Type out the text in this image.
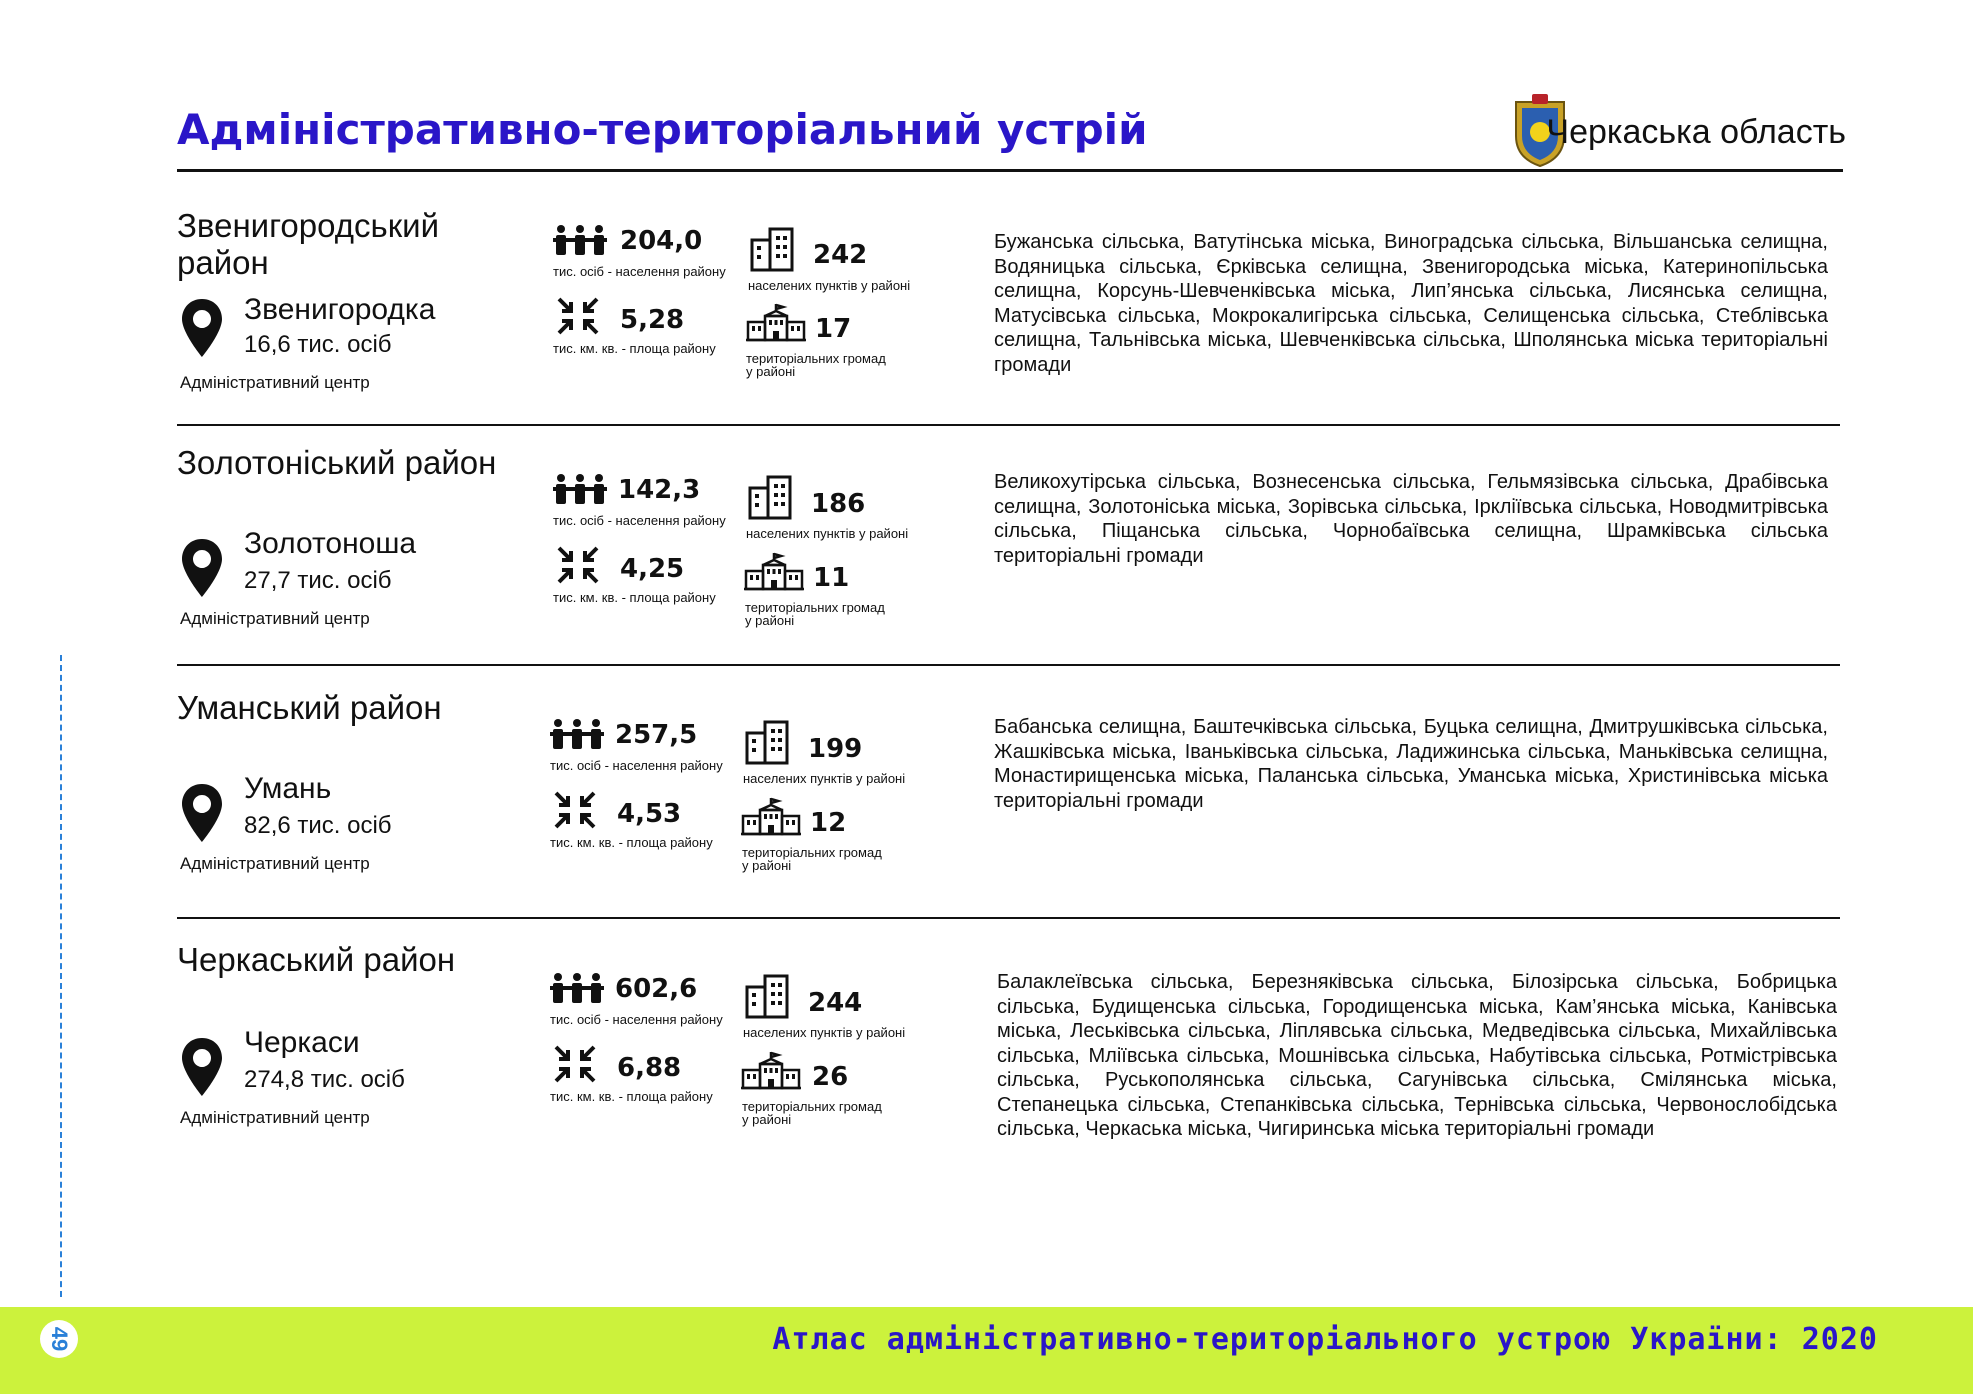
Адміністративно-територіальний устрій	Черкаська область
Звенигородський район
Звенигородка
16,6 тис. осіб
Адміністративний центр
204,0
тис. осіб - населення району
5,28
тис. км. кв. - площа району
242
населених пунктів у районі
17
територіальних громад
у районі

Бужанська сільська, Ватутінська міська, Виноградська сільська, Вільшанська селищна, Водяницька сільська, Єрківська селищна, Звенигородська міська, Катеринопільська селищна, Корсунь-Шевченківська міська, Лип’янська сільська, Лисянська селищна, Матусівська сільська, Мокрокалигірська сільська, Селищенська сільська, Стеблівська селищна, Тальнівська міська, Шевченківська сільська, Шполянська міська територіальні громади

Золотоніський район
Золотоноша
27,7 тис. осіб
Адміністративний центр
142,3
тис. осіб - населення району
4,25
тис. км. кв. - площа району
186
населених пунктів у районі
11
територіальних громад
у районі

Великохутірська сільська, Вознесенська сільська, Гельмязівська сільська, Драбівська селищна, Золотоніська міська, Зорівська сільська, Іркліївська сільська, Новодмитрівська сільська, Піщанська сільська, Чорнобаївська селищна, Шрамківська сільська територіальні громади

Уманський район
Умань
82,6 тис. осіб
Адміністративний центр
257,5
тис. осіб - населення району
4,53
тис. км. кв. - площа району
199
населених пунктів у районі
12
територіальних громад
у районі

Бабанська селищна, Баштечківська сільська, Буцька селищна, Дмитрушківська сільська, Жашківська міська, Іваньківська сільська, Ладижинська сільська, Маньківська селищна, Монастирищенська міська, Паланська сільська, Уманська міська, Христинівська міська територіальні громади

Черкаський район
Черкаси
274,8 тис. осіб
Адміністративний центр
602,6
тис. осіб - населення району
6,88
тис. км. кв. - площа району
244
населених пунктів у районі
26
територіальних громад
у районі

Балаклеївська сільська, Березняківська сільська, Білозірська сільська, Бобрицька сільська, Будищенська сільська, Городищенська міська, Кам’янська міська, Канівська міська, Леськівська сільська, Ліплявська сільська, Медведівська сільська, Михайлівська сільська, Мліївська сільська, Мошнівська сільська, Набутівська сільська, Ротмістрівська сільська, Руськополянська сільська, Сагунівська сільська, Смілянська міська, Степанецька сільська, Степанківська сільська, Тернівська сільська, Червонослобідська сільська, Черкаська міська, Чигиринська міська територіальні громади

49	Атлас адміністративно-територіального устрою України: 2020
